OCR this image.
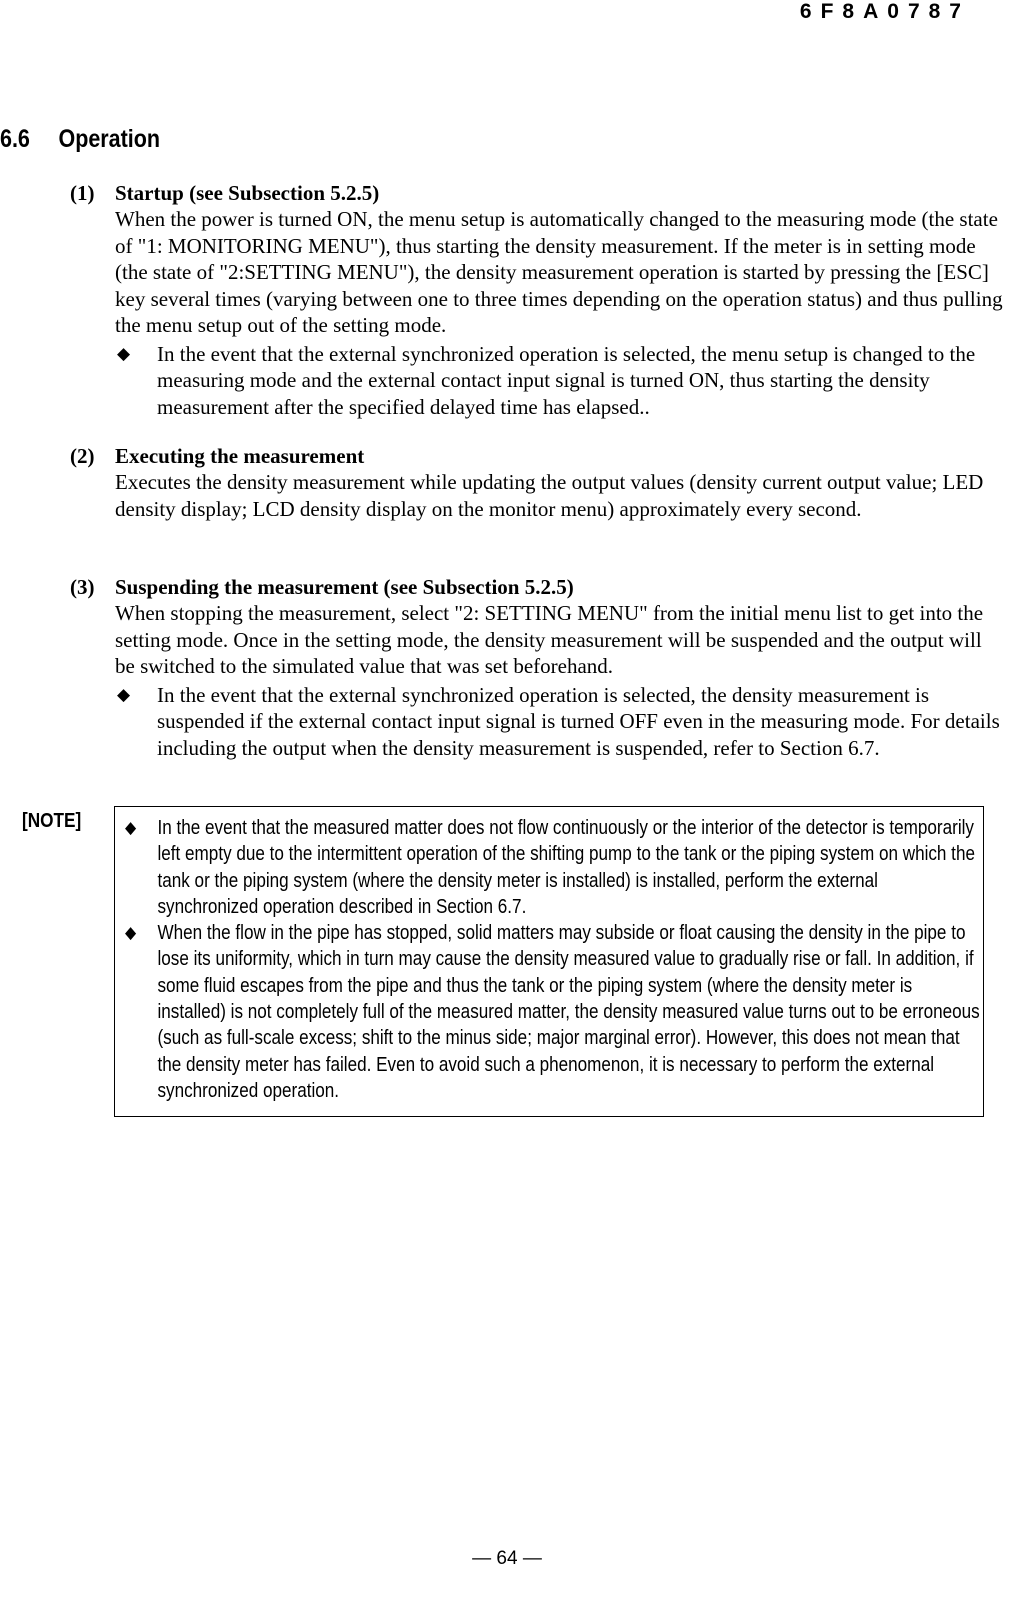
6F8A0787
6.6 Operation
(1) Startup (see Subsection 5.2.5)
When the power is turned ON, the menu setup is automatically changed to the measuring mode (the state of "1: MONITORING MENU"), thus starting the density measurement. If the meter is in setting mode (the state of "2:SETTING MENU"), the density measurement operation is started by pressing the [ESC] key several times (varying between one to three times depending on the operation status) and thus pulling the menu setup out of the setting mode.
◆ In the event that the external synchronized operation is selected, the menu setup is changed to the measuring mode and the external contact input signal is turned ON, thus starting the density measurement after the specified delayed time has elapsed..
(2) Executing the measurement
Executes the density measurement while updating the output values (density current output value; LED density display; LCD density display on the monitor menu) approximately every second.
(3) Suspending the measurement (see Subsection 5.2.5)
When stopping the measurement, select "2: SETTING MENU" from the initial menu list to get into the setting mode. Once in the setting mode, the density measurement will be suspended and the output will be switched to the simulated value that was set beforehand.
◆ In the event that the external synchronized operation is selected, the density measurement is suspended if the external contact input signal is turned OFF even in the measuring mode. For details including the output when the density measurement is suspended, refer to Section 6.7.
[NOTE]	◆ In the event that the measured matter does not flow continuously or the interior of the detector is temporarily left empty due to the intermittent operation of the shifting pump to the tank or the piping system on which the tank or the piping system (where the density meter is installed) is installed, perform the external synchronized operation described in Section 6.7.
◆ When the flow in the pipe has stopped, solid matters may subside or float causing the density in the pipe to lose its uniformity, which in turn may cause the density measured value to gradually rise or fall. In addition, if some fluid escapes from the pipe and thus the tank or the piping system (where the density meter is installed) is not completely full of the measured matter, the density measured value turns out to be erroneous (such as full-scale excess; shift to the minus side; major marginal error). However, this does not mean that the density meter has failed. Even to avoid such a phenomenon, it is necessary to perform the external synchronized operation.
— 64 —
